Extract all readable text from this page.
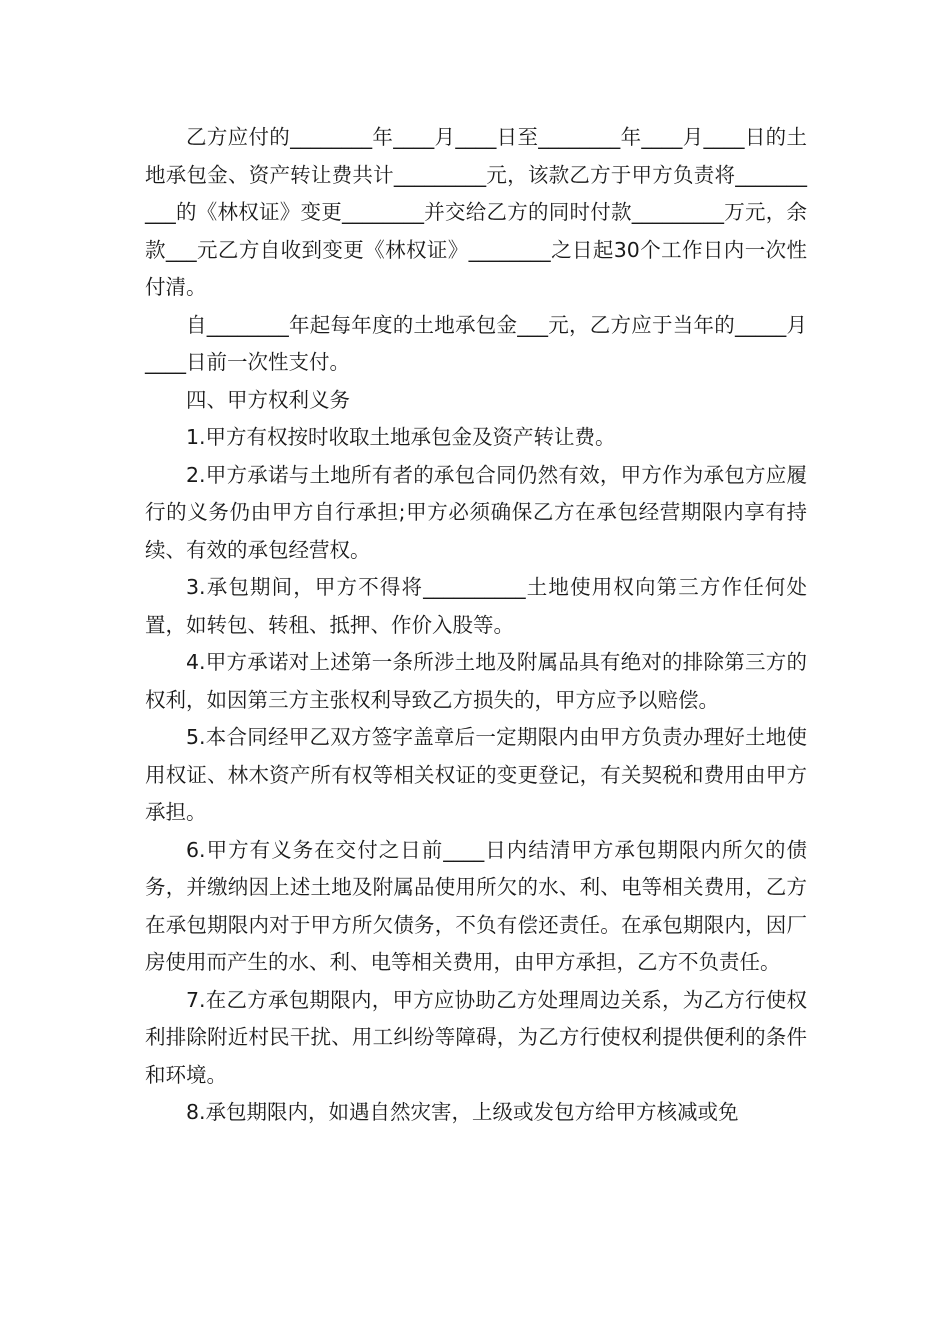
乙方应付的________年____月____日至________年____月____日的土地承包金、资产转让费共计_________元，该款乙方于甲方负责将__________的《林权证》变更________并交给乙方的同时付款_________万元，余款___元乙方自收到变更《林权证》________之日起30个工作日内一次性付清。

自________年起每年度的土地承包金___元，乙方应于当年的_____月____日前一次性支付。

四、甲方权利义务

1.甲方有权按时收取土地承包金及资产转让费。

2.甲方承诺与土地所有者的承包合同仍然有效，甲方作为承包方应履行的义务仍由甲方自行承担;甲方必须确保乙方在承包经营期限内享有持续、有效的承包经营权。

3.承包期间，甲方不得将__________土地使用权向第三方作任何处置，如转包、转租、抵押、作价入股等。

4.甲方承诺对上述第一条所涉土地及附属品具有绝对的排除第三方的权利，如因第三方主张权利导致乙方损失的，甲方应予以赔偿。

5.本合同经甲乙双方签字盖章后一定期限内由甲方负责办理好土地使用权证、林木资产所有权等相关权证的变更登记，有关契税和费用由甲方承担。

6.甲方有义务在交付之日前____日内结清甲方承包期限内所欠的债务，并缴纳因上述土地及附属品使用所欠的水、利、电等相关费用，乙方在承包期限内对于甲方所欠债务，不负有偿还责任。在承包期限内，因厂房使用而产生的水、利、电等相关费用，由甲方承担，乙方不负责任。

7.在乙方承包期限内，甲方应协助乙方处理周边关系，为乙方行使权利排除附近村民干扰、用工纠纷等障碍，为乙方行使权利提供便利的条件和环境。

8.承包期限内，如遇自然灾害，上级或发包方给甲方核减或免
